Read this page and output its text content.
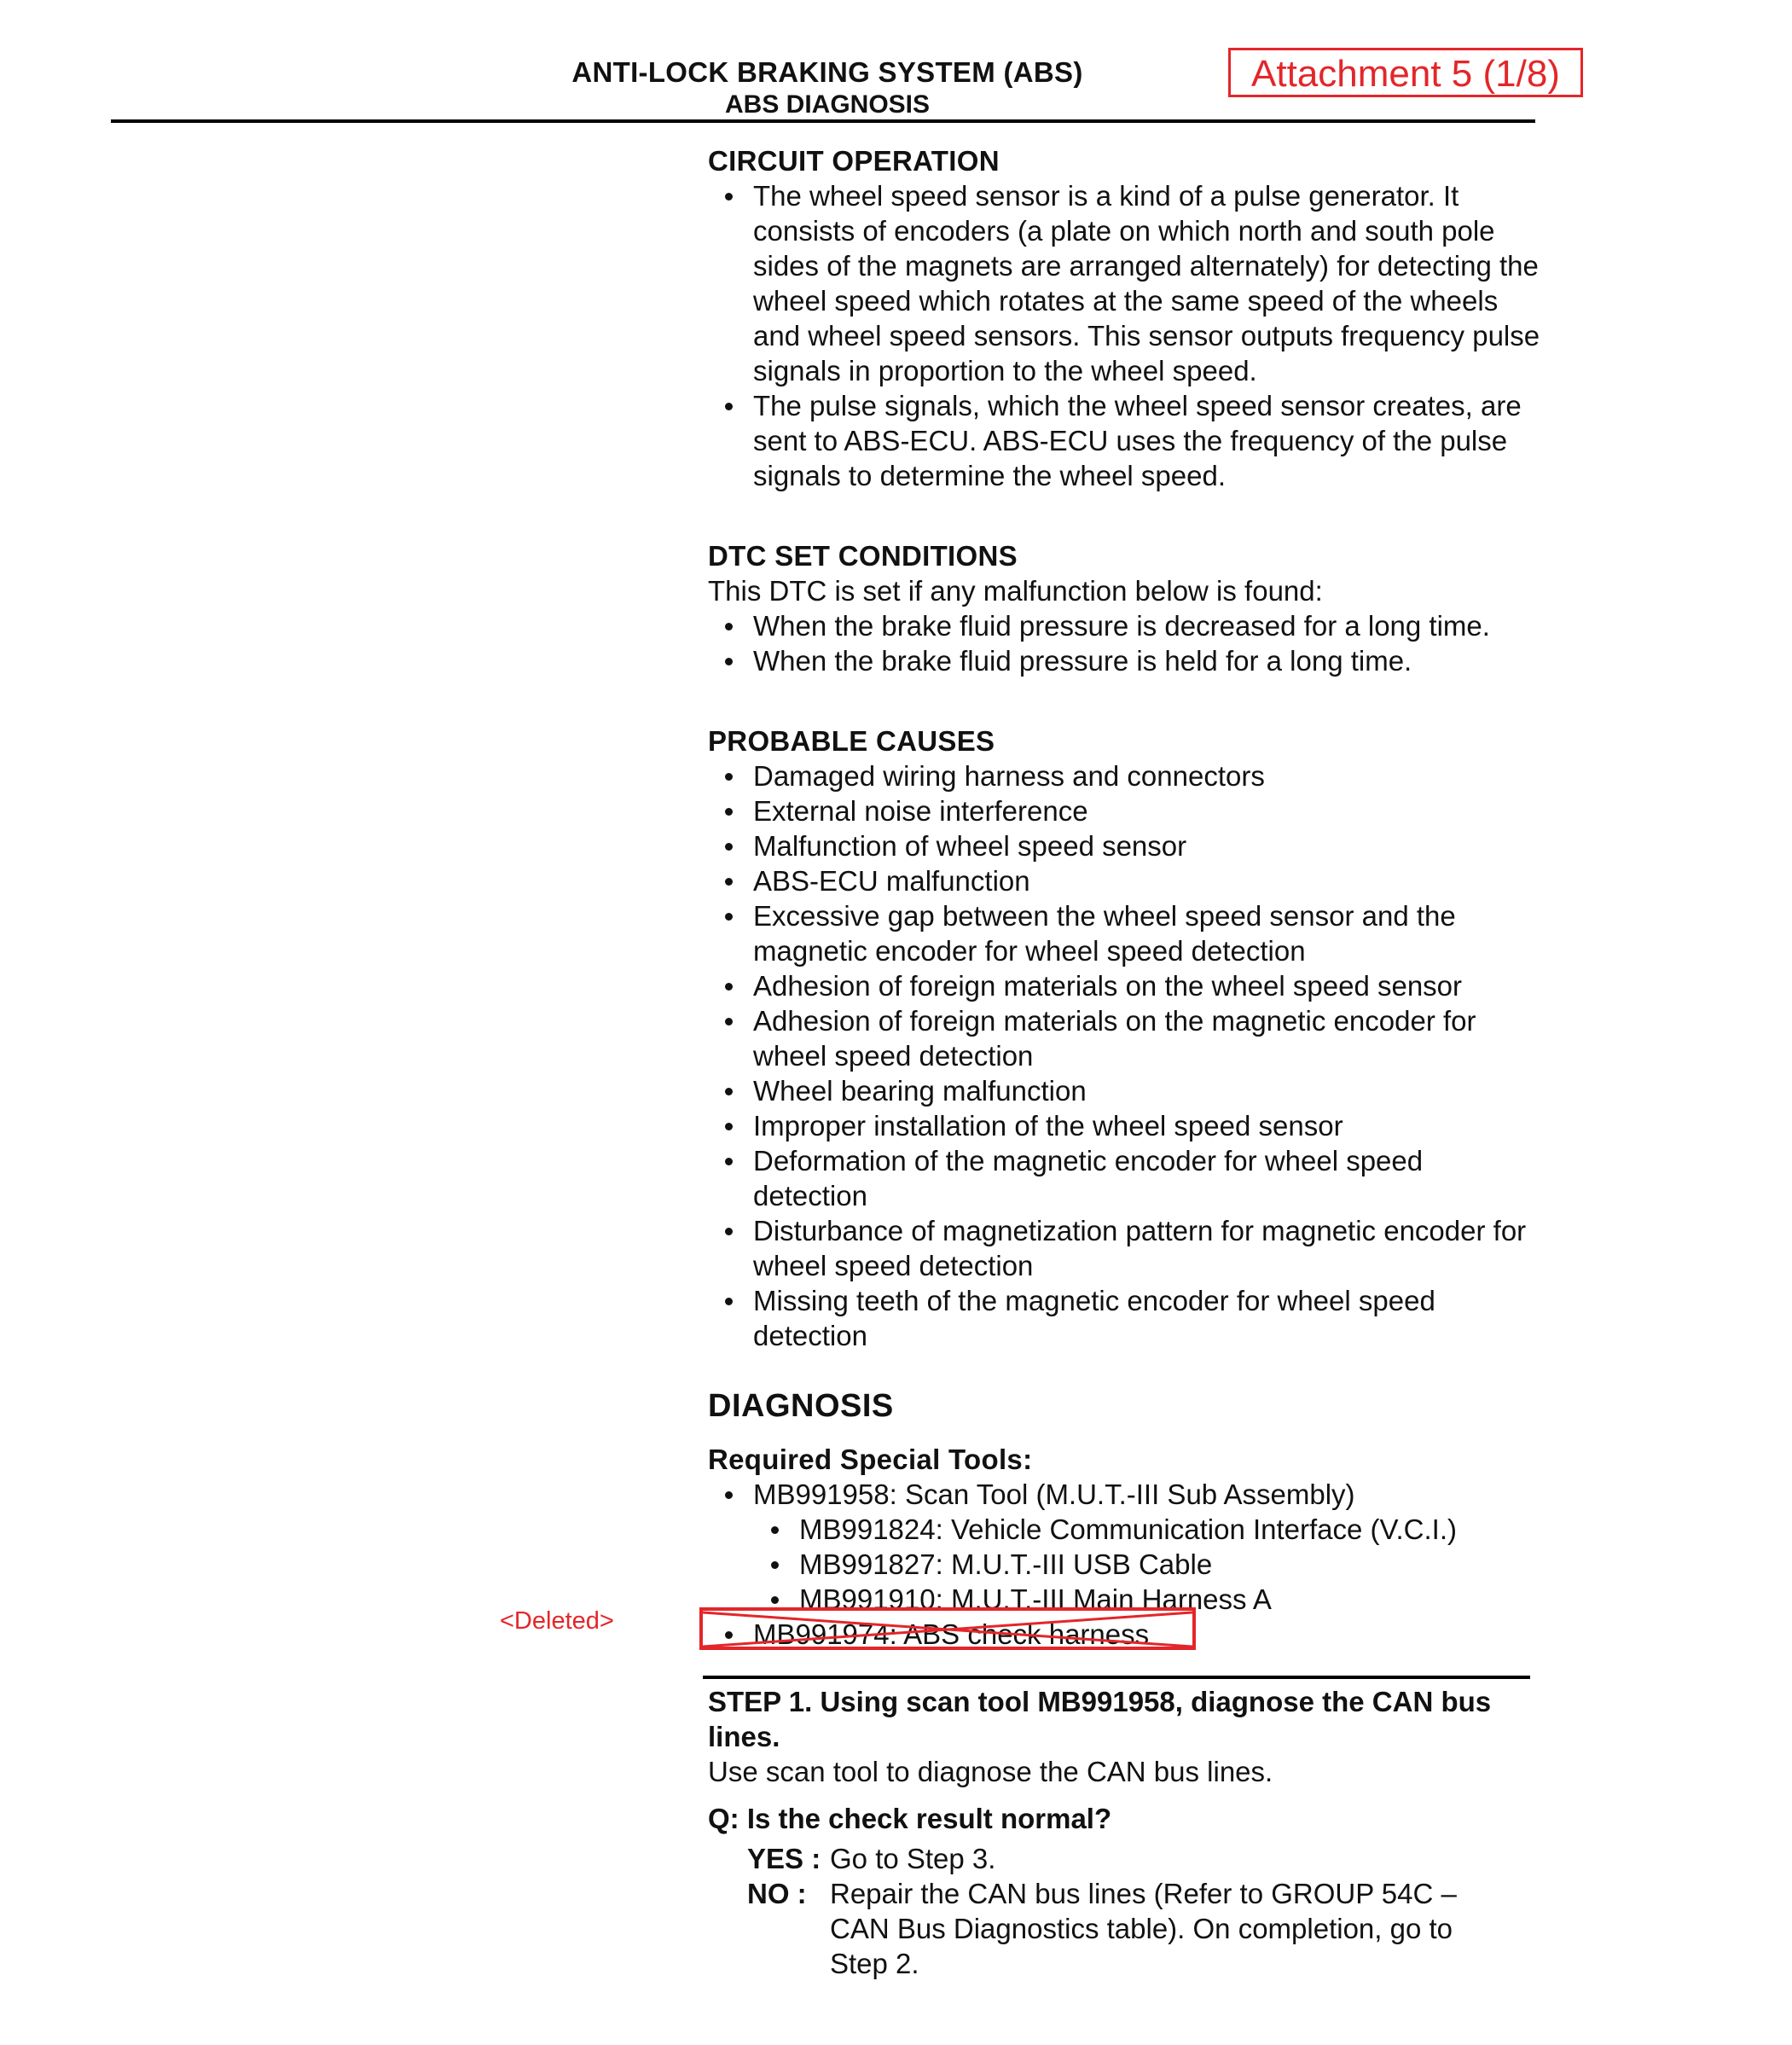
ANTI-LOCK BRAKING SYSTEM (ABS)
ABS DIAGNOSIS
Attachment 5 (1/8)
CIRCUIT OPERATION
The wheel speed sensor is a kind of a pulse generator. It consists of encoders (a plate on which north and south pole sides of the magnets are arranged alternately) for detecting the wheel speed which rotates at the same speed of the wheels and wheel speed sensors. This sensor outputs frequency pulse signals in proportion to the wheel speed.
The pulse signals, which the wheel speed sensor creates, are sent to ABS-ECU. ABS-ECU uses the frequency of the pulse signals to determine the wheel speed.
DTC SET CONDITIONS

This DTC is set if any malfunction below is found:

When the brake fluid pressure is decreased for a long time.
When the brake fluid pressure is held for a long time.
PROBABLE CAUSES
Damaged wiring harness and connectors
External noise interference
Malfunction of wheel speed sensor
ABS-ECU malfunction
Excessive gap between the wheel speed sensor and the magnetic encoder for wheel speed detection
Adhesion of foreign materials on the wheel speed sensor
Adhesion of foreign materials on the magnetic encoder for wheel speed detection
Wheel bearing malfunction
Improper installation of the wheel speed sensor
Deformation of the magnetic encoder for wheel speed detection
Disturbance of magnetization pattern for magnetic encoder for wheel speed detection
Missing teeth of the magnetic encoder for wheel speed detection
DIAGNOSIS
Required Special Tools:
MB991958: Scan Tool (M.U.T.-III Sub Assembly)
MB991824: Vehicle Communication Interface (V.C.I.)
MB991827: M.U.T.-III USB Cable
MB991910: M.U.T.-III Main Harness A
MB991974: ABS check harness
<Deleted>
STEP 1. Using scan tool MB991958, diagnose the CAN bus lines.

Use scan tool to diagnose the CAN bus lines.

Q: Is the check result normal?
YES : Go to Step 3.
NO : Repair the CAN bus lines (Refer to GROUP 54C – CAN Bus Diagnostics table). On completion, go to Step 2.
